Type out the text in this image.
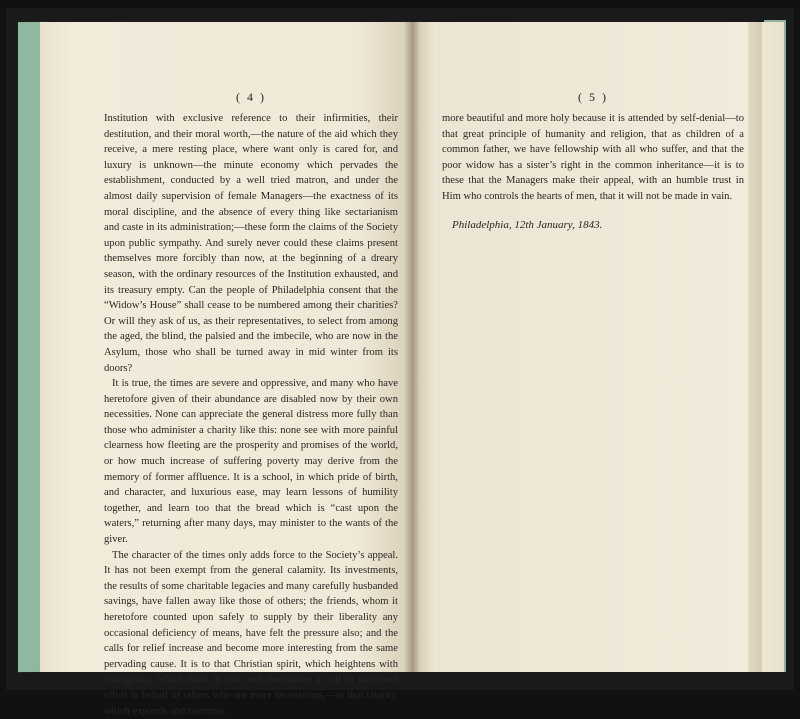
( 4 )

Institution with exclusive reference to their infirmities, their destitution, and their moral worth,—the nature of the aid which they receive, a mere resting place, where want only is cared for, and luxury is unknown—the minute economy which pervades the establishment, conducted by a well tried matron, and under the almost daily supervision of female Managers—the exactness of its moral discipline, and the absence of every thing like sectarianism and caste in its administration;—these form the claims of the Society upon public sympathy. And surely never could these claims present themselves more forcibly than now, at the beginning of a dreary season, with the ordinary resources of the Institution exhausted, and its treasury empty. Can the people of Philadelphia consent that the “Widow’s House” shall cease to be numbered among their charities? Or will they ask of us, as their representatives, to select from among the aged, the blind, the palsied and the imbecile, who are now in the Asylum, those who shall be turned away in mid winter from its doors?

It is true, the times are severe and oppressive, and many who have heretofore given of their abundance are disabled now by their own necessities. None can appreciate the general distress more fully than those who administer a charity like this: none see with more painful clearness how fleeting are the prosperity and promises of the world, or how much increase of suffering poverty may derive from the memory of former affluence. It is a school, in which pride of birth, and character, and luxurious ease, may learn lessons of humility together, and learn too that the bread which is “cast upon the waters,” returning after many days, may minister to the wants of the giver.

The character of the times only adds force to the Society’s appeal. It has not been exempt from the general calamity. Its investments, the results of some charitable legacies and many carefully husbanded savings, have fallen away like those of others; the friends, whom it heretofore counted upon safely to supply by their liberality any occasional deficiency of means, have felt the pressure also; and the calls for relief increase and become more interesting from the same pervading cause. It is to that Christian spirit, which heightens with emergency, which finds in our own necessities a call to increased effort in behalf of others who are more necessitous,—to that charity, which expands and becomes

( 5 )

more beautiful and more holy because it is attended by self-denial—to that great principle of humanity and religion, that as children of a common father, we have fellowship with all who suffer, and that the poor widow has a sister’s right in the common inheritance—it is to these that the Managers make their appeal, with an humble trust in Him who controls the hearts of men, that it will not be made in vain.

Philadelphia, 12th January, 1843.
